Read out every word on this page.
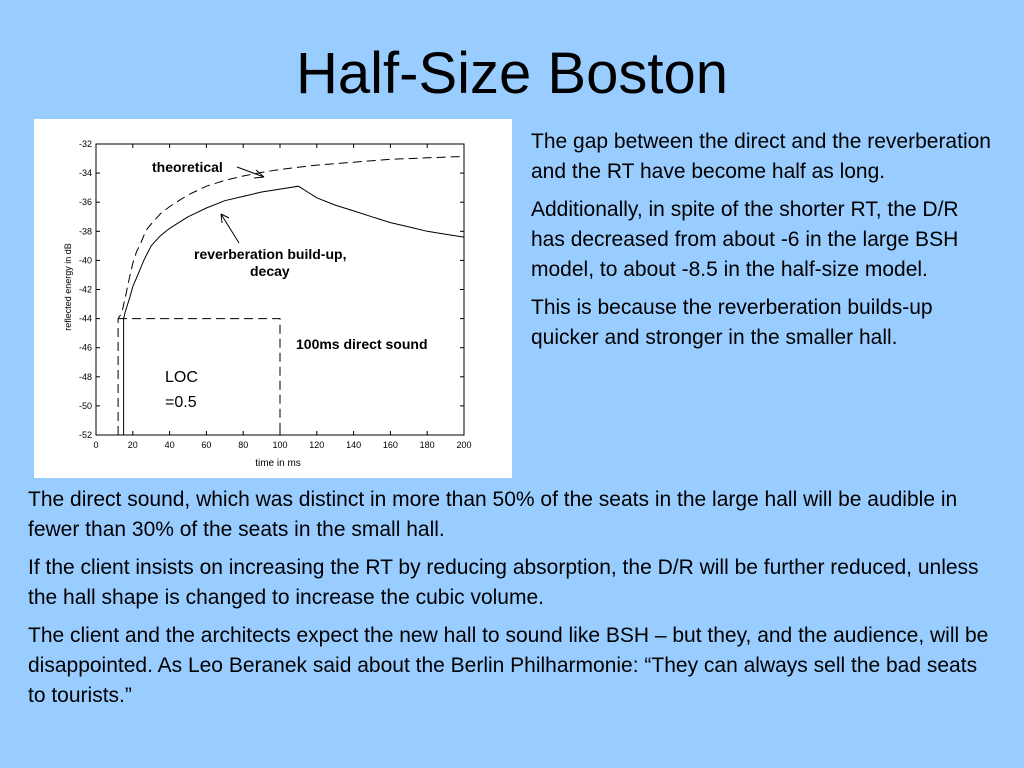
Half-Size Boston
reflected energy in dB
time in ms
theoretical
reverberation build-up,
decay
100ms direct sound
LOC
=0.5
0	20	40	60	80	100 120 140 160 180 200
-32
-34
-36
-38
-40
-42
-44
-46
-48
-50
-52

The gap between the direct and the reverberation and the RT have become half as long.

Additionally, in spite of the shorter RT, the D/R has decreased from about -6 in the large BSH model, to about -8.5 in the half-size model.

This is because the reverberation builds-up quicker and stronger in the smaller hall.

The direct sound, which was distinct in more than 50% of the seats in the large hall will be audible in fewer than 30% of the seats in the small hall.

If the client insists on increasing the RT by reducing absorption, the D/R will be further reduced, unless the hall shape is changed to increase the cubic volume.

The client and the architects expect the new hall to sound like BSH – but they, and the audience, will be disappointed. As Leo Beranek said about the Berlin Philharmonie: “They can always sell the bad seats to tourists.”
